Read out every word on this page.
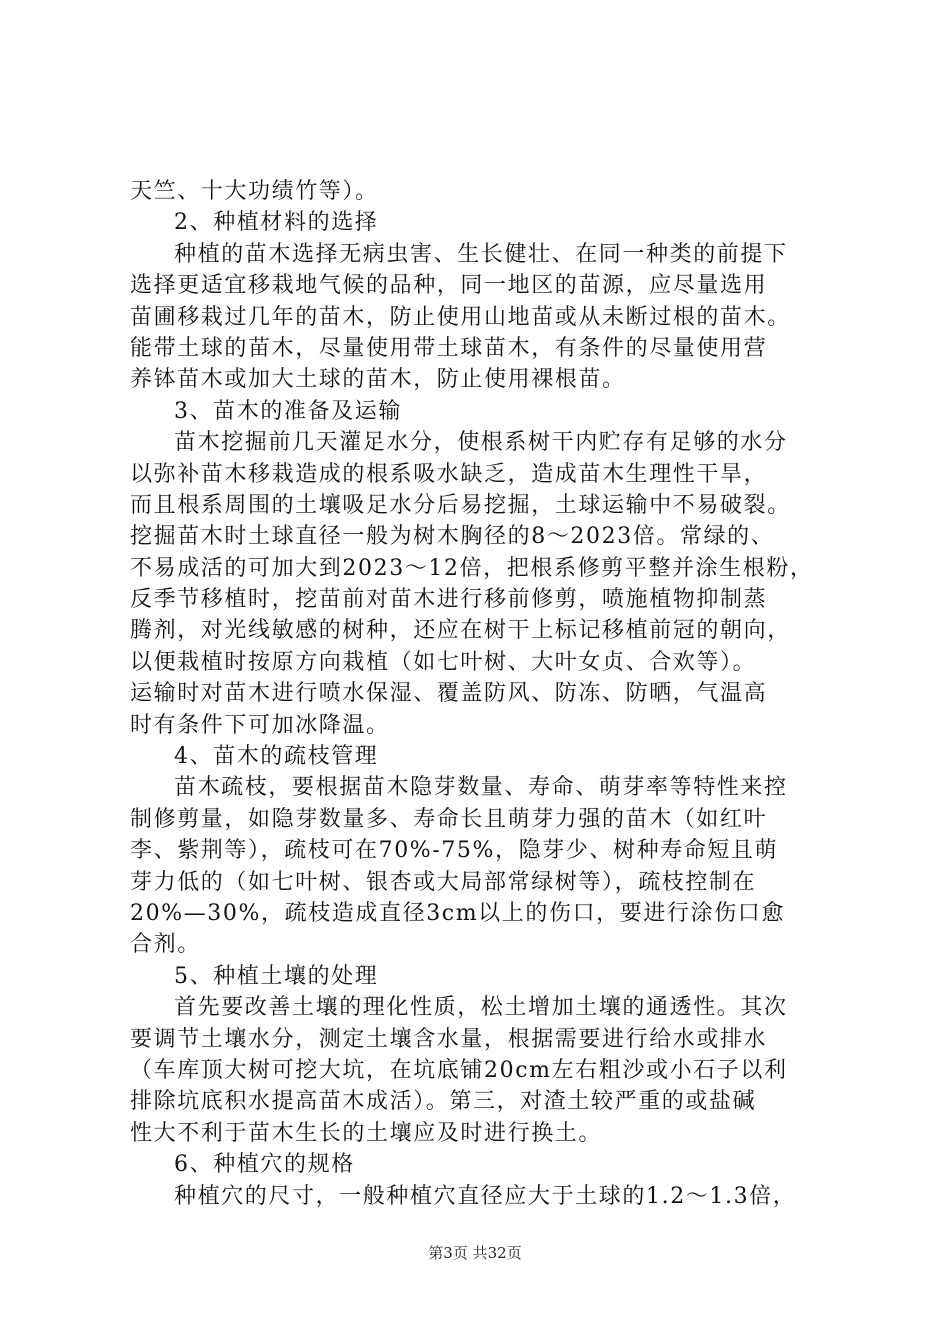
天竺、十大功绩竹等）。
2、种植材料的选择
种植的苗木选择无病虫害、生长健壮、在同一种类的前提下
选择更适宜移栽地气候的品种，同一地区的苗源，应尽量选用
苗圃移栽过几年的苗木，防止使用山地苗或从未断过根的苗木。
能带土球的苗木，尽量使用带土球苗木，有条件的尽量使用营
养钵苗木或加大土球的苗木，防止使用裸根苗。
3、苗木的准备及运输
苗木挖掘前几天灌足水分，使根系树干内贮存有足够的水分
以弥补苗木移栽造成的根系吸水缺乏，造成苗木生理性干旱，
而且根系周围的土壤吸足水分后易挖掘，土球运输中不易破裂。
挖掘苗木时土球直径一般为树木胸径的8～2023倍。常绿的、
不易成活的可加大到2023～12倍，把根系修剪平整并涂生根粉，
反季节移植时，挖苗前对苗木进行移前修剪，喷施植物抑制蒸
腾剂，对光线敏感的树种，还应在树干上标记移植前冠的朝向，
以便栽植时按原方向栽植（如七叶树、大叶女贞、合欢等）。
运输时对苗木进行喷水保湿、覆盖防风、防冻、防晒，气温高
时有条件下可加冰降温。
4、苗木的疏枝管理
苗木疏枝，要根据苗木隐芽数量、寿命、萌芽率等特性来控
制修剪量，如隐芽数量多、寿命长且萌芽力强的苗木（如红叶
李、紫荆等），疏枝可在70%-75%，隐芽少、树种寿命短且萌
芽力低的（如七叶树、银杏或大局部常绿树等），疏枝控制在
20%—30%，疏枝造成直径3cm以上的伤口，要进行涂伤口愈
合剂。
5、种植土壤的处理
首先要改善土壤的理化性质，松土增加土壤的通透性。其次
要调节土壤水分，测定土壤含水量，根据需要进行给水或排水
（车库顶大树可挖大坑，在坑底铺20cm左右粗沙或小石子以利
排除坑底积水提高苗木成活）。第三，对渣土较严重的或盐碱
性大不利于苗木生长的土壤应及时进行换土。
6、种植穴的规格
种植穴的尺寸，一般种植穴直径应大于土球的1.2～1.3倍，
第3页 共32页
